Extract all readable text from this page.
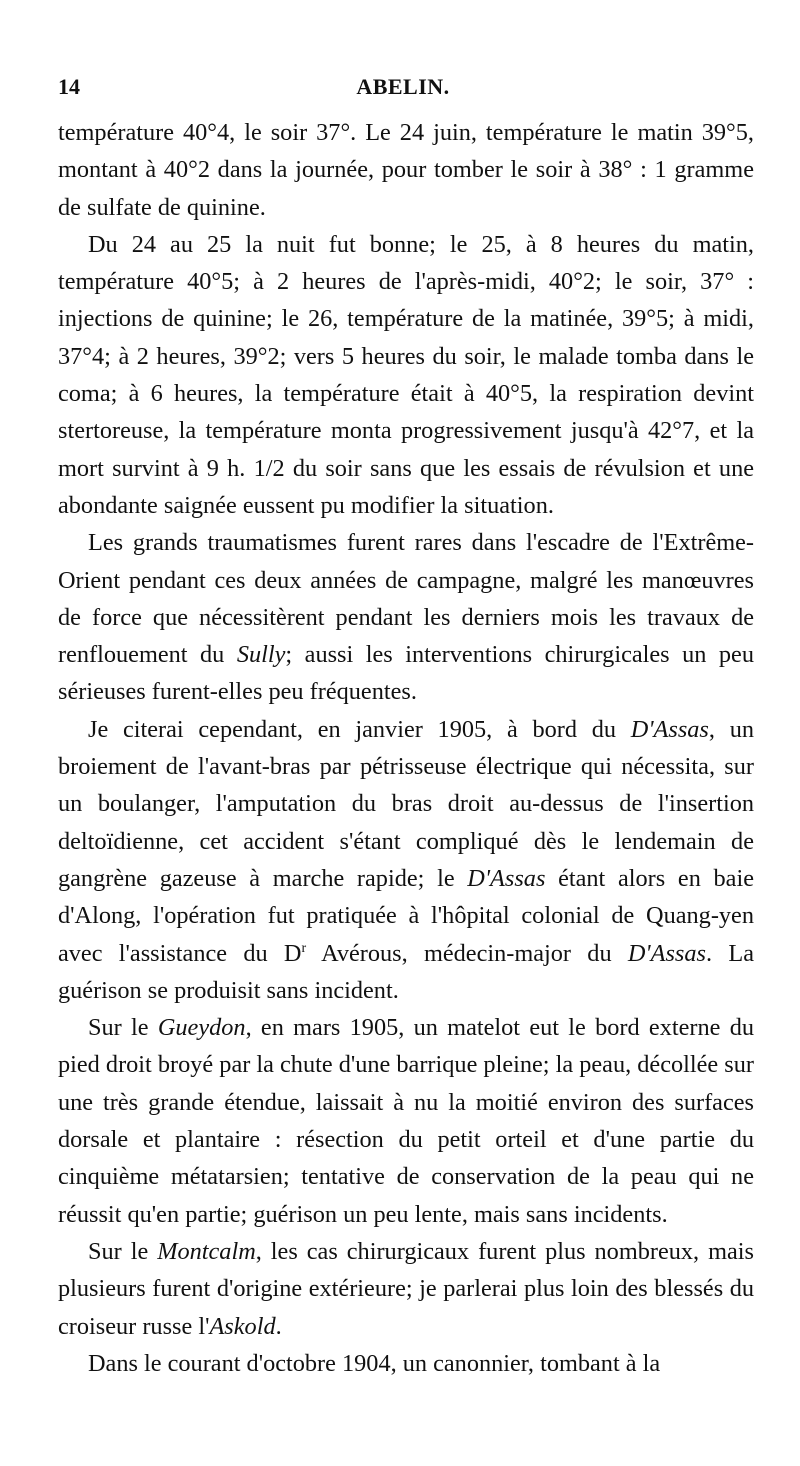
14	ABELIN.

température 40°4, le soir 37°. Le 24 juin, température le matin 39°5, montant à 40°2 dans la journée, pour tomber le soir à 38° : 1 gramme de sulfate de quinine.

Du 24 au 25 la nuit fut bonne; le 25, à 8 heures du matin, température 40°5; à 2 heures de l'après-midi, 40°2; le soir, 37° : injections de quinine; le 26, température de la matinée, 39°5; à midi, 37°4; à 2 heures, 39°2; vers 5 heures du soir, le malade tomba dans le coma; à 6 heures, la température était à 40°5, la respiration devint stertoreuse, la température monta progressivement jusqu'à 42°7, et la mort survint à 9 h. 1/2 du soir sans que les essais de révulsion et une abondante saignée eussent pu modifier la situation.

Les grands traumatismes furent rares dans l'escadre de l'Extrême-Orient pendant ces deux années de campagne, malgré les manœuvres de force que nécessitèrent pendant les derniers mois les travaux de renflouement du Sully; aussi les interventions chirurgicales un peu sérieuses furent-elles peu fréquentes.

Je citerai cependant, en janvier 1905, à bord du D'Assas, un broiement de l'avant-bras par pétrisseuse électrique qui nécessita, sur un boulanger, l'amputation du bras droit au-dessus de l'insertion deltoïdienne, cet accident s'étant compliqué dès le lendemain de gangrène gazeuse à marche rapide; le D'Assas étant alors en baie d'Along, l'opération fut pratiquée à l'hôpital colonial de Quang-yen avec l'assistance du $D^r$ Avérous, médecin-major du D'Assas. La guérison se produisit sans incident.

Sur le Gueydon, en mars 1905, un matelot eut le bord externe du pied droit broyé par la chute d'une barrique pleine; la peau, décollée sur une très grande étendue, laissait à nu la moitié environ des surfaces dorsale et plantaire : résection du petit orteil et d'une partie du cinquième métatarsien; tentative de conservation de la peau qui ne réussit qu'en partie; guérison un peu lente, mais sans incidents.

Sur le Montcalm, les cas chirurgicaux furent plus nombreux, mais plusieurs furent d'origine extérieure; je parlerai plus loin des blessés du croiseur russe l'Askold.

Dans le courant d'octobre 1904, un canonnier, tombant à la
